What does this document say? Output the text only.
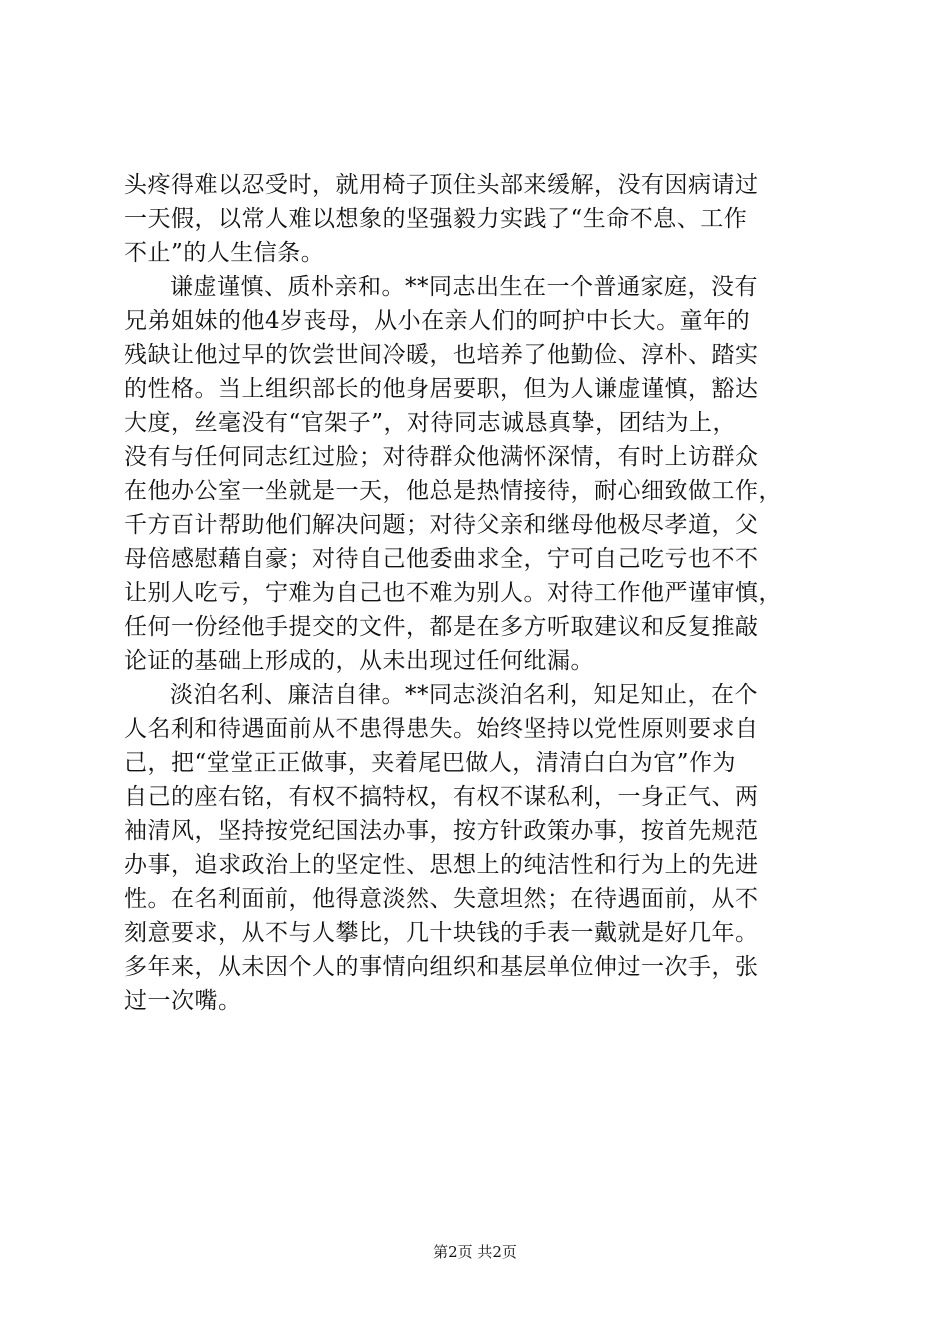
头疼得难以忍受时，就用椅子顶住头部来缓解，没有因病请过
一天假，以常人难以想象的坚强毅力实践了“生命不息、工作
不止”的人生信条。
谦虚谨慎、质朴亲和。**同志出生在一个普通家庭，没有
兄弟姐妹的他4岁丧母，从小在亲人们的呵护中长大。童年的
残缺让他过早的饮尝世间冷暖，也培养了他勤俭、淳朴、踏实
的性格。当上组织部长的他身居要职，但为人谦虚谨慎，豁达
大度，丝毫没有“官架子”，对待同志诚恳真挚，团结为上，
没有与任何同志红过脸；对待群众他满怀深情，有时上访群众
在他办公室一坐就是一天，他总是热情接待，耐心细致做工作，
千方百计帮助他们解决问题；对待父亲和继母他极尽孝道，父
母倍感慰藉自豪；对待自己他委曲求全，宁可自己吃亏也不不
让别人吃亏，宁难为自己也不难为别人。对待工作他严谨审慎，
任何一份经他手提交的文件，都是在多方听取建议和反复推敲
论证的基础上形成的，从未出现过任何纰漏。
淡泊名利、廉洁自律。**同志淡泊名利，知足知止，在个
人名利和待遇面前从不患得患失。始终坚持以党性原则要求自
己，把“堂堂正正做事，夹着尾巴做人，清清白白为官”作为
自己的座右铭，有权不搞特权，有权不谋私利，一身正气、两
袖清风，坚持按党纪国法办事，按方针政策办事，按首先规范
办事，追求政治上的坚定性、思想上的纯洁性和行为上的先进
性。在名利面前，他得意淡然、失意坦然；在待遇面前，从不
刻意要求，从不与人攀比，几十块钱的手表一戴就是好几年。
多年来，从未因个人的事情向组织和基层单位伸过一次手，张
过一次嘴。
第2页 共2页
